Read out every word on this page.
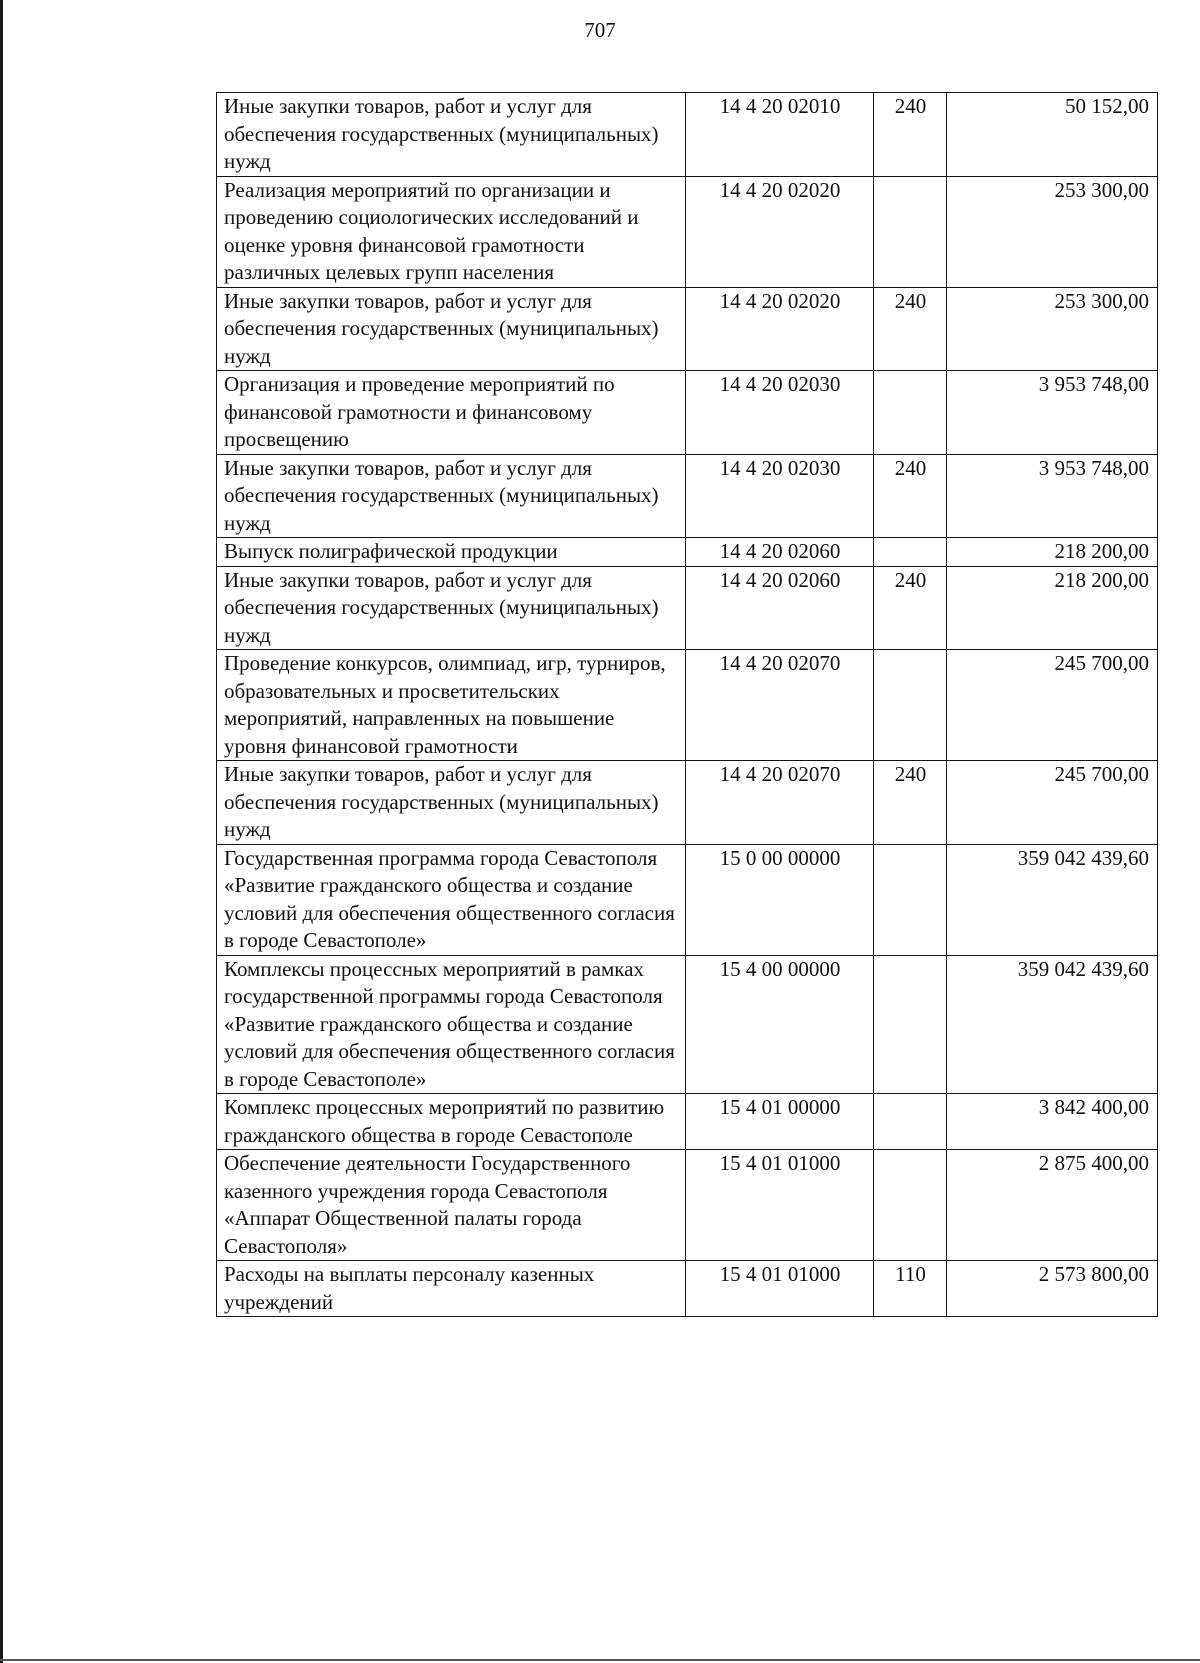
707
Иные закупки товаров, работ и услуг для обеспечения государственных (муниципальных) нужд	14 4 20 02010	240	50 152,00
Реализация мероприятий по организации и проведению социологических исследований и оценке уровня финансовой грамотности различных целевых групп населения	14 4 20 02020		253 300,00
Иные закупки товаров, работ и услуг для обеспечения государственных (муниципальных) нужд	14 4 20 02020	240	253 300,00
Организация и проведение мероприятий по финансовой грамотности и финансовому просвещению	14 4 20 02030		3 953 748,00
Иные закупки товаров, работ и услуг для обеспечения государственных (муниципальных) нужд	14 4 20 02030	240	3 953 748,00
Выпуск полиграфической продукции	14 4 20 02060		218 200,00
Иные закупки товаров, работ и услуг для обеспечения государственных (муниципальных) нужд	14 4 20 02060	240	218 200,00
Проведение конкурсов, олимпиад, игр, турниров, образовательных и просветительских мероприятий, направленных на повышение уровня финансовой грамотности	14 4 20 02070		245 700,00
Иные закупки товаров, работ и услуг для обеспечения государственных (муниципальных) нужд	14 4 20 02070	240	245 700,00
Государственная программа города Севастополя «Развитие гражданского общества и создание условий для обеспечения общественного согласия в городе Севастополе»	15 0 00 00000		359 042 439,60
Комплексы процессных мероприятий в рамках государственной программы города Севастополя «Развитие гражданского общества и создание условий для обеспечения общественного согласия в городе Севастополе»	15 4 00 00000		359 042 439,60
Комплекс процессных мероприятий по развитию гражданского общества в городе Севастополе	15 4 01 00000		3 842 400,00
Обеспечение деятельности Государственного казенного учреждения города Севастополя «Аппарат Общественной палаты города Севастополя»	15 4 01 01000		2 875 400,00
Расходы на выплаты персоналу казенных учреждений	15 4 01 01000	110	2 573 800,00
